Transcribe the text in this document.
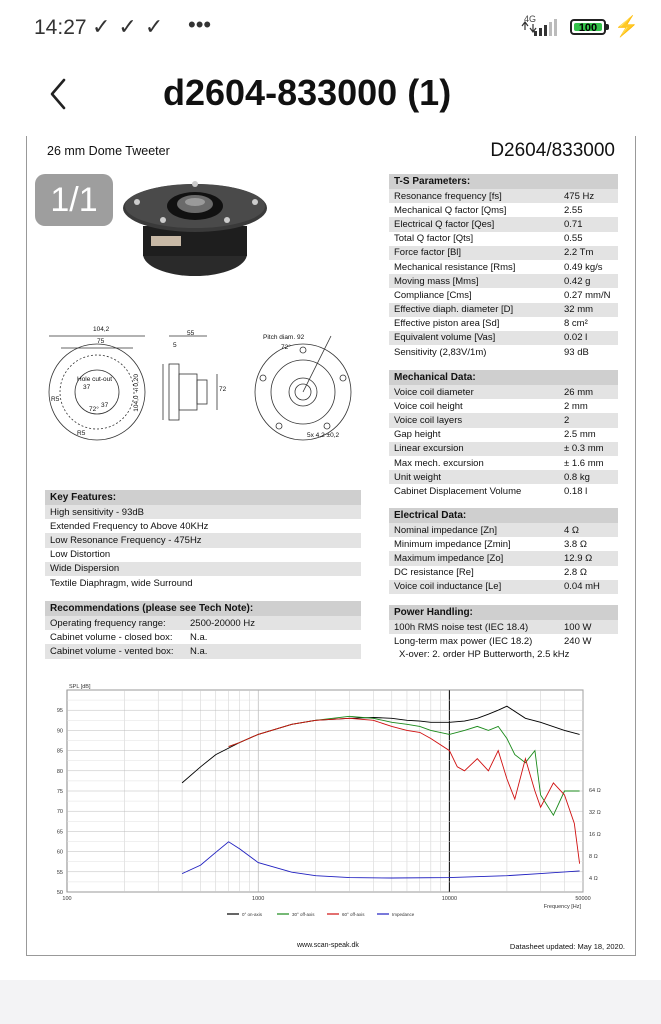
14:27 ✓✓✓ •••	4G
100 ⚡
d2604-833000 (1)
26 mm Dome Tweeter	D2604/833000
1/1
104,2
75
55
5
104,0 ±0,20	72
Hole cut-out
37
37
72°
R5
R5
Pitch diam. 92
72°
5x 4,2 ±0,2
T-S Parameters:
Resonance frequency [fs]	475 Hz
Mechanical Q factor [Qms]	2.55
Electrical Q factor [Qes]	0.71
Total Q factor [Qts]	0.55
Force factor [Bl]	2.2 Tm
Mechanical resistance [Rms]	0.49 kg/s
Moving mass [Mms]	0.42 g
Compliance [Cms]	0.27 mm/N
Effective diaph. diameter [D]	32 mm
Effective piston area [Sd]	8 cm²
Equivalent volume [Vas]	0.02 l
Sensitivity (2,83V/1m)	93 dB
Mechanical Data:
Voice coil diameter	26 mm
Voice coil height	2 mm
Voice coil layers	2
Gap height	2.5 mm
Linear excursion	± 0.3 mm
Max mech. excursion	± 1.6 mm
Unit weight	0.8 kg
Cabinet Displacement Volume	0.18 l
Electrical Data:
Nominal impedance [Zn]	4 Ω
Minimum impedance [Zmin]	3.8 Ω
Maximum impedance [Zo]	12.9 Ω
DC resistance [Re]	2.8 Ω
Voice coil inductance [Le]	0.04 mH
Power Handling:
100h RMS noise test (IEC 18.4)	100 W
Long-term max power (IEC 18.2)	240 W
X-over: 2. order HP Butterworth, 2.5 kHz
Key Features:
High sensitivity - 93dB
Extended Frequency to Above 40KHz
Low Resonance Frequency - 475Hz
Low Distortion
Wide Dispersion
Textile Diaphragm, wide Surround
Recommendations (please see Tech Note):
Operating frequency range:	2500-20000 Hz
Cabinet volume - closed box:	N.a.
Cabinet volume - vented box:	N.a.
50
55
60
65
70
75
80
85
90
95
100	1000	10000	50000
4 Ω
8 Ω
16 Ω
32 Ω
64 Ω
SPL [dB]
Frequency [Hz]
0° on-axis	30° off-axis	60° off-axis	Impedance
www.scan-speak.dk	Datasheet updated: May 18, 2020.
